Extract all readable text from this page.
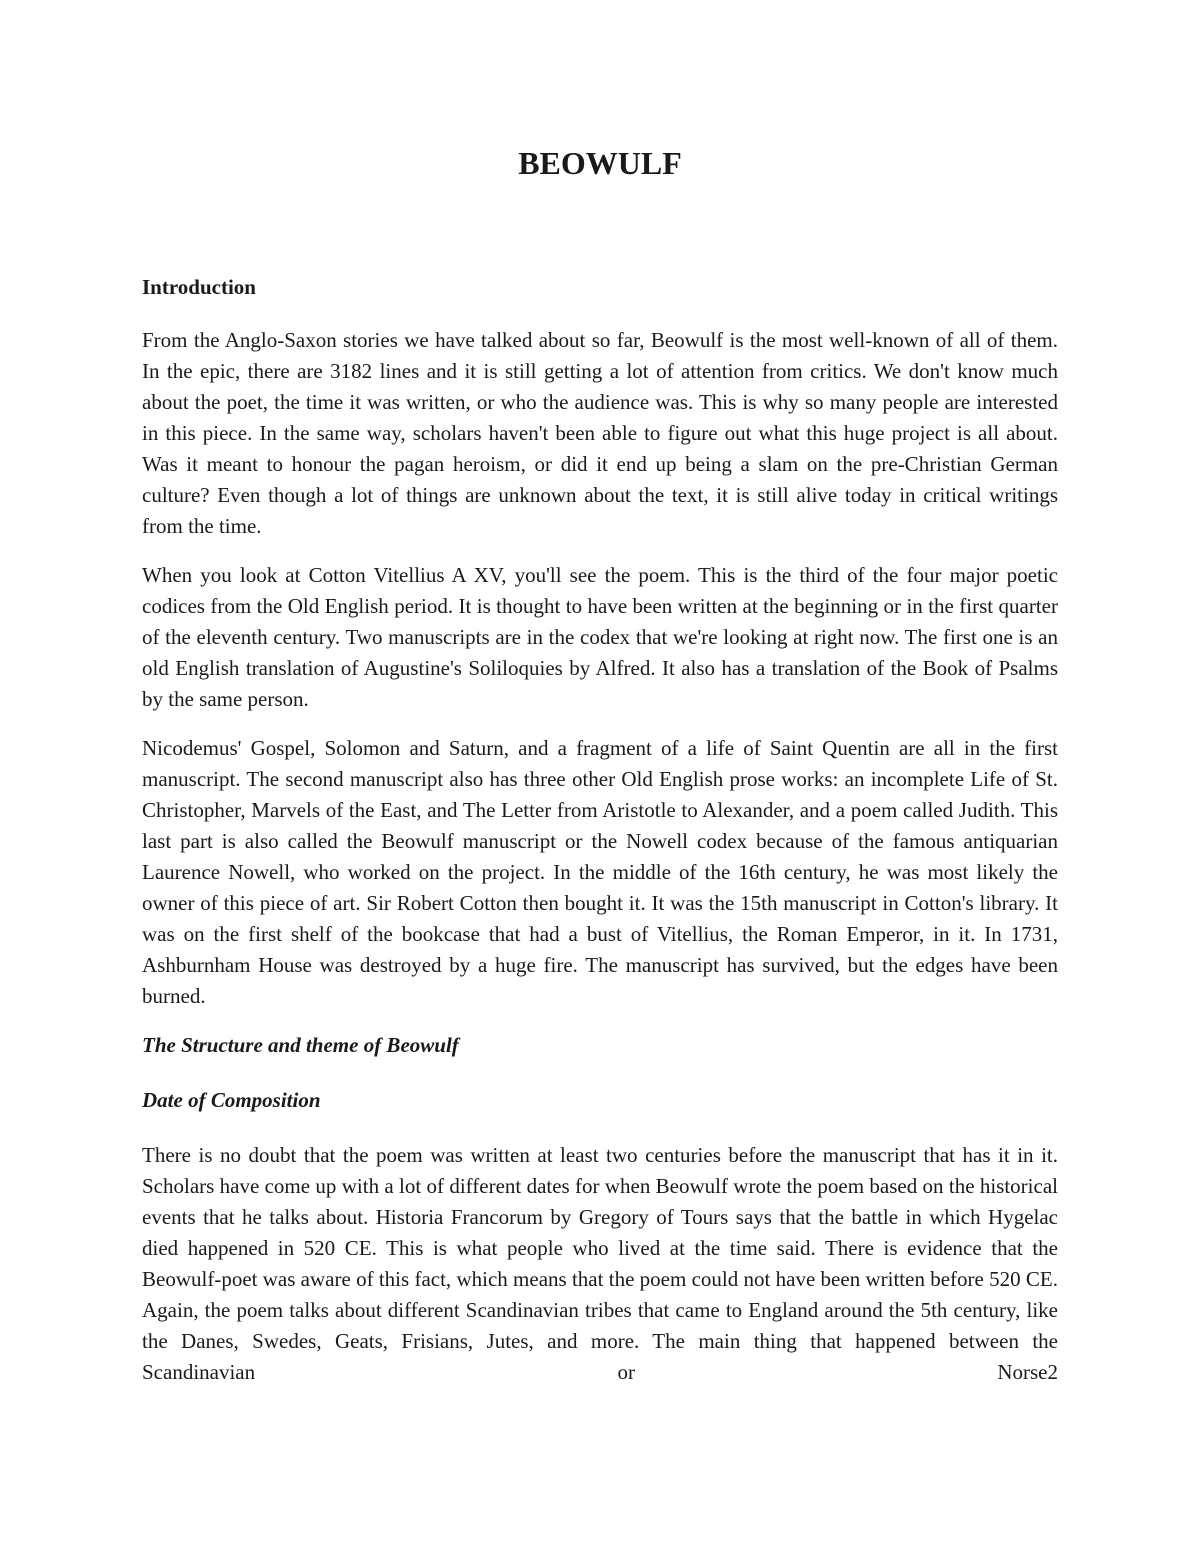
BEOWULF
Introduction

From the Anglo-Saxon stories we have talked about so far, Beowulf is the most well-known of all of them. In the epic, there are 3182 lines and it is still getting a lot of attention from critics. We don't know much about the poet, the time it was written, or who the audience was. This is why so many people are interested in this piece. In the same way, scholars haven't been able to figure out what this huge project is all about. Was it meant to honour the pagan heroism, or did it end up being a slam on the pre-Christian German culture? Even though a lot of things are unknown about the text, it is still alive today in critical writings from the time.

When you look at Cotton Vitellius A XV, you'll see the poem. This is the third of the four major poetic codices from the Old English period. It is thought to have been written at the beginning or in the first quarter of the eleventh century. Two manuscripts are in the codex that we're looking at right now. The first one is an old English translation of Augustine's Soliloquies by Alfred. It also has a translation of the Book of Psalms by the same person.

Nicodemus' Gospel, Solomon and Saturn, and a fragment of a life of Saint Quentin are all in the first manuscript. The second manuscript also has three other Old English prose works: an incomplete Life of St. Christopher, Marvels of the East, and The Letter from Aristotle to Alexander, and a poem called Judith. This last part is also called the Beowulf manuscript or the Nowell codex because of the famous antiquarian Laurence Nowell, who worked on the project. In the middle of the 16th century, he was most likely the owner of this piece of art. Sir Robert Cotton then bought it. It was the 15th manuscript in Cotton's library. It was on the first shelf of the bookcase that had a bust of Vitellius, the Roman Emperor, in it. In 1731, Ashburnham House was destroyed by a huge fire. The manuscript has survived, but the edges have been burned.

The Structure and theme of Beowulf
Date of Composition

There is no doubt that the poem was written at least two centuries before the manuscript that has it in it. Scholars have come up with a lot of different dates for when Beowulf wrote the poem based on the historical events that he talks about. Historia Francorum by Gregory of Tours says that the battle in which Hygelac died happened in 520 CE. This is what people who lived at the time said. There is evidence that the Beowulf-poet was aware of this fact, which means that the poem could not have been written before 520 CE. Again, the poem talks about different Scandinavian tribes that came to England around the 5th century, like the Danes, Swedes, Geats, Frisians, Jutes, and more. The main thing that happened between the Scandinavian or Norse2
